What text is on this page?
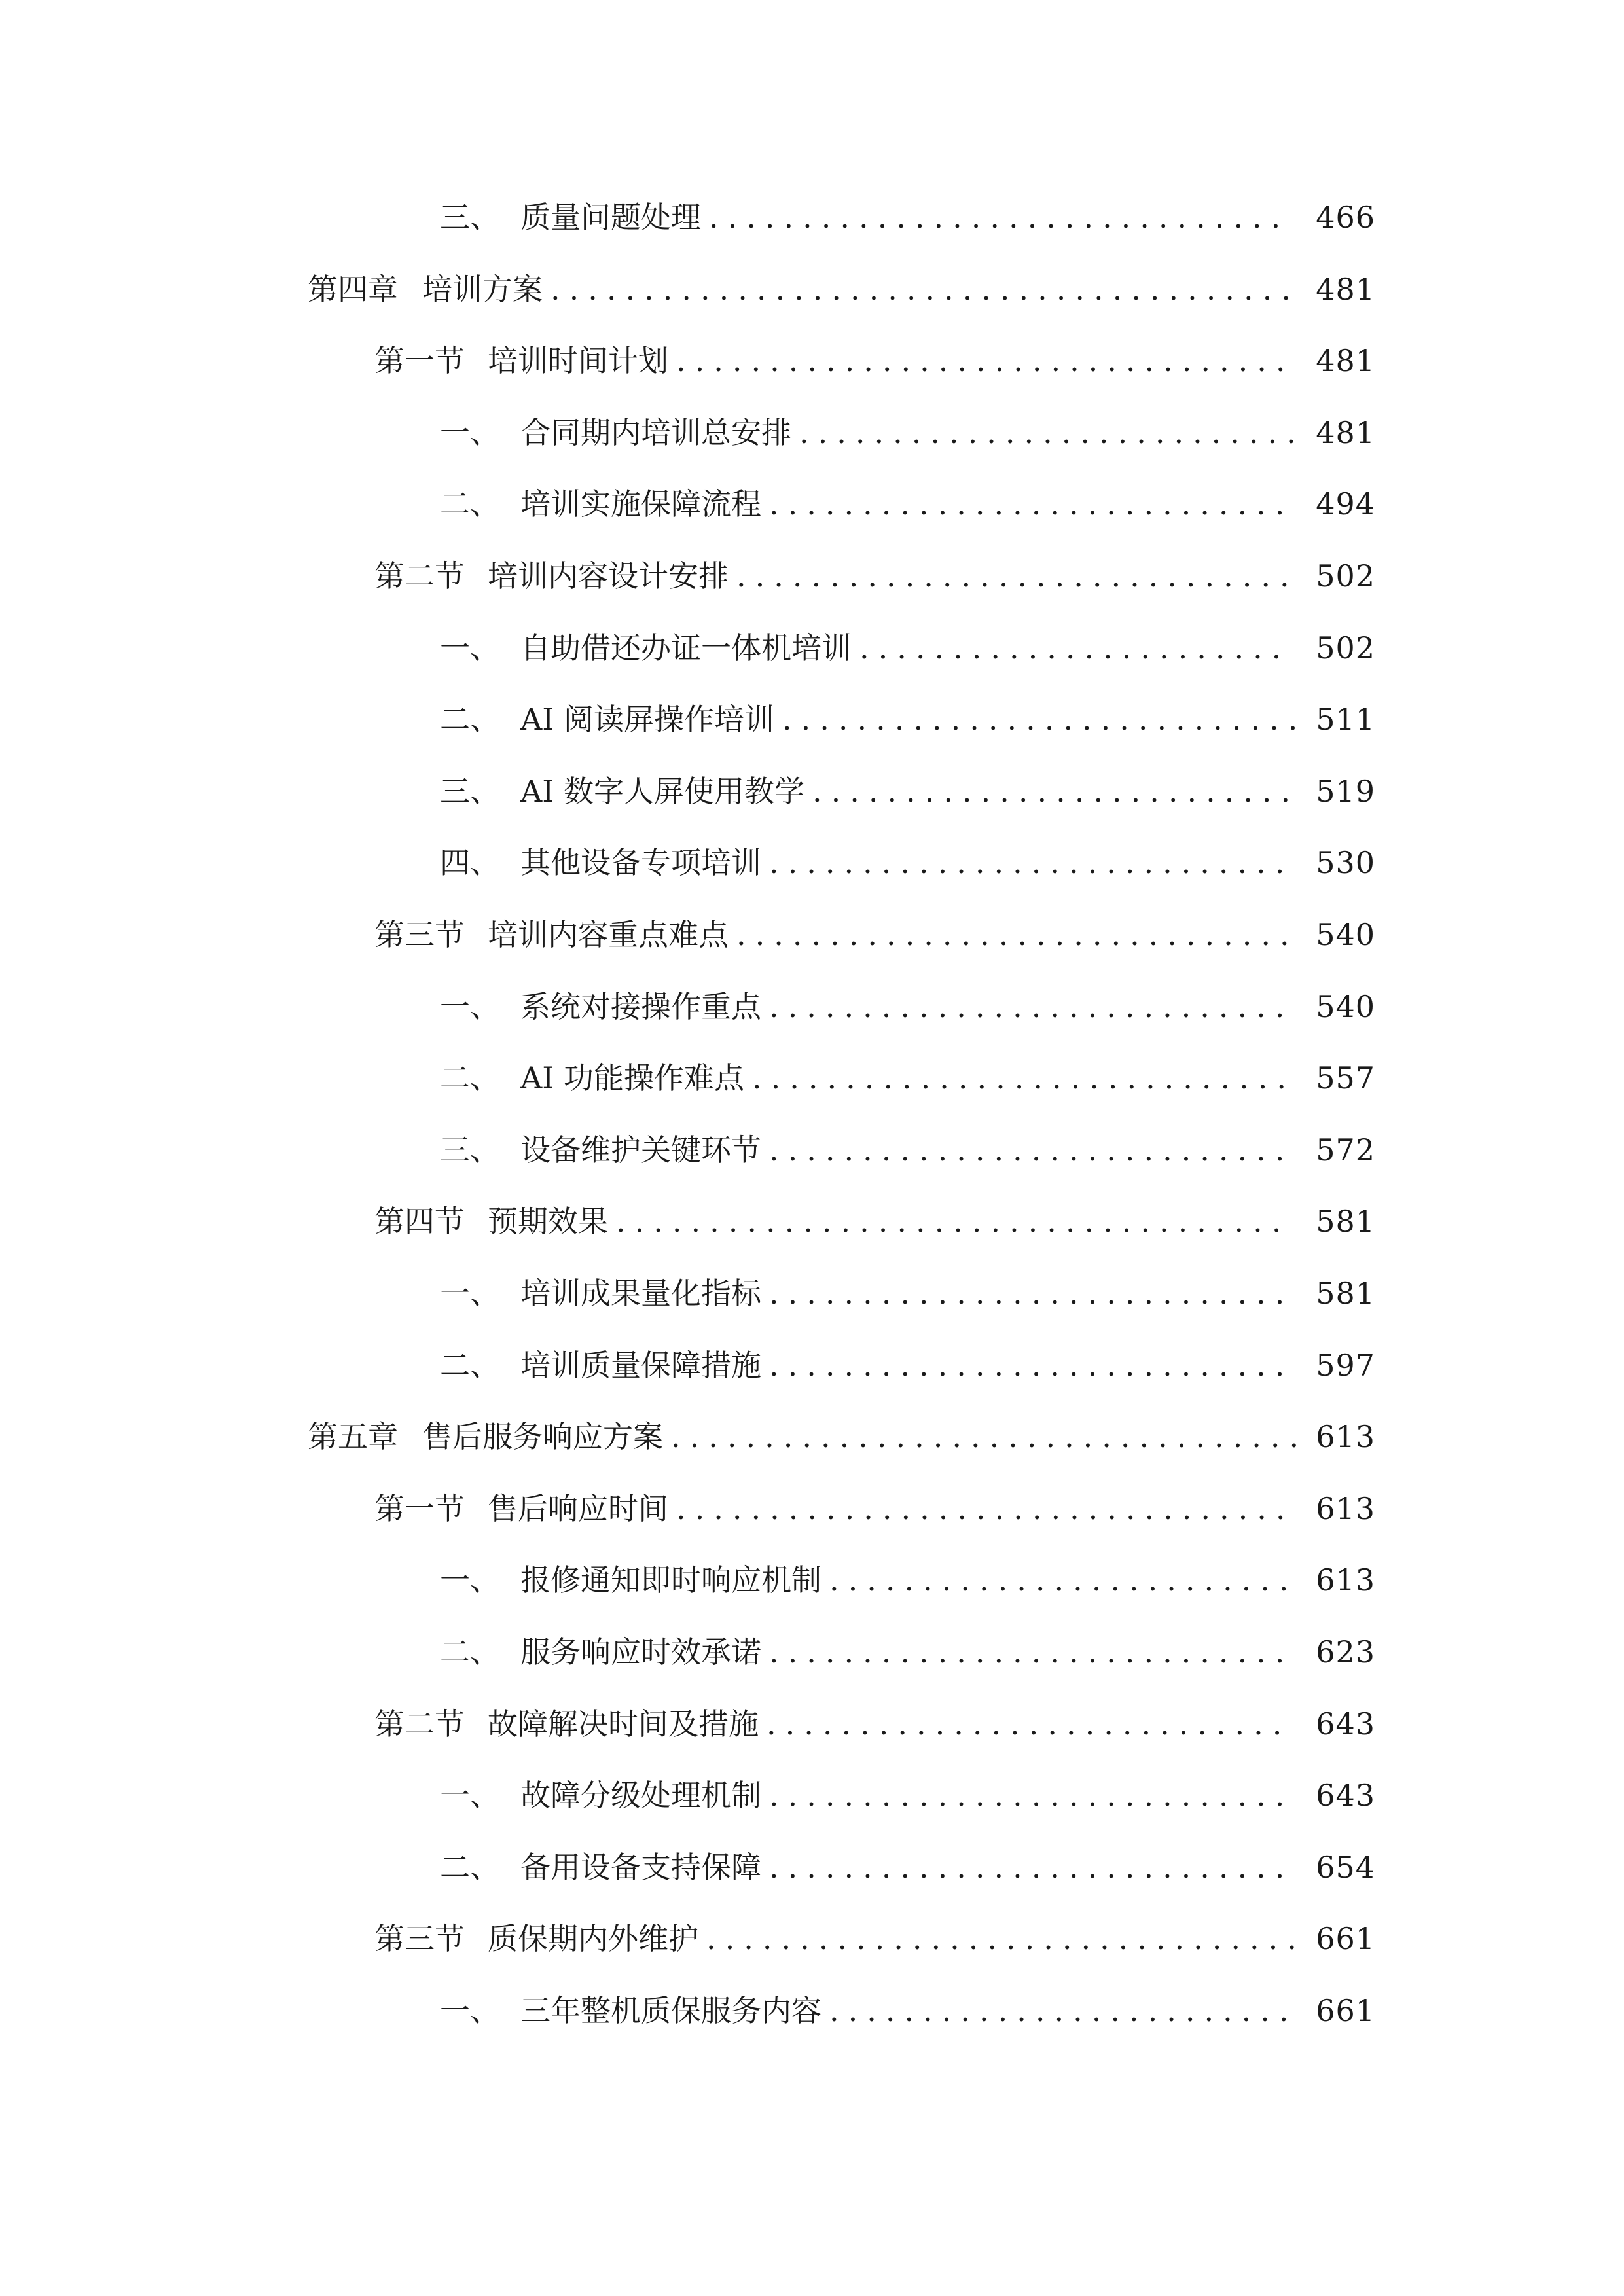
三、 质量问题处理 ............................... 466
第四章 培训方案 ........................................ 481
第一节 培训时间计划 ................................. 481
一、 合同期内培训总安排 ........................... 481
二、 培训实施保障流程 ............................ 494
第二节 培训内容设计安排 .............................. 502
一、 自助借还办证一体机培训 ....................... 502
二、 AI 阅读屏操作培训 ............................ 511
三、 AI 数字人屏使用教学 .......................... 519
四、 其他设备专项培训 ............................ 530
第三节 培训内容重点难点 .............................. 540
一、 系统对接操作重点 ............................ 540
二、 AI 功能操作难点 ............................. 557
三、 设备维护关键环节 ............................ 572
第四节 预期效果 .................................... 581
一、 培训成果量化指标 ............................ 581
二、 培训质量保障措施 ............................ 597
第五章 售后服务响应方案 .................................. 613
第一节 售后响应时间 ................................. 613
一、 报修通知即时响应机制 ......................... 613
二、 服务响应时效承诺 ............................ 623
第二节 故障解决时间及措施 ............................ 643
一、 故障分级处理机制 ............................ 643
二、 备用设备支持保障 ............................ 654
第三节 质保期内外维护 ................................ 661
一、 三年整机质保服务内容 ......................... 661
